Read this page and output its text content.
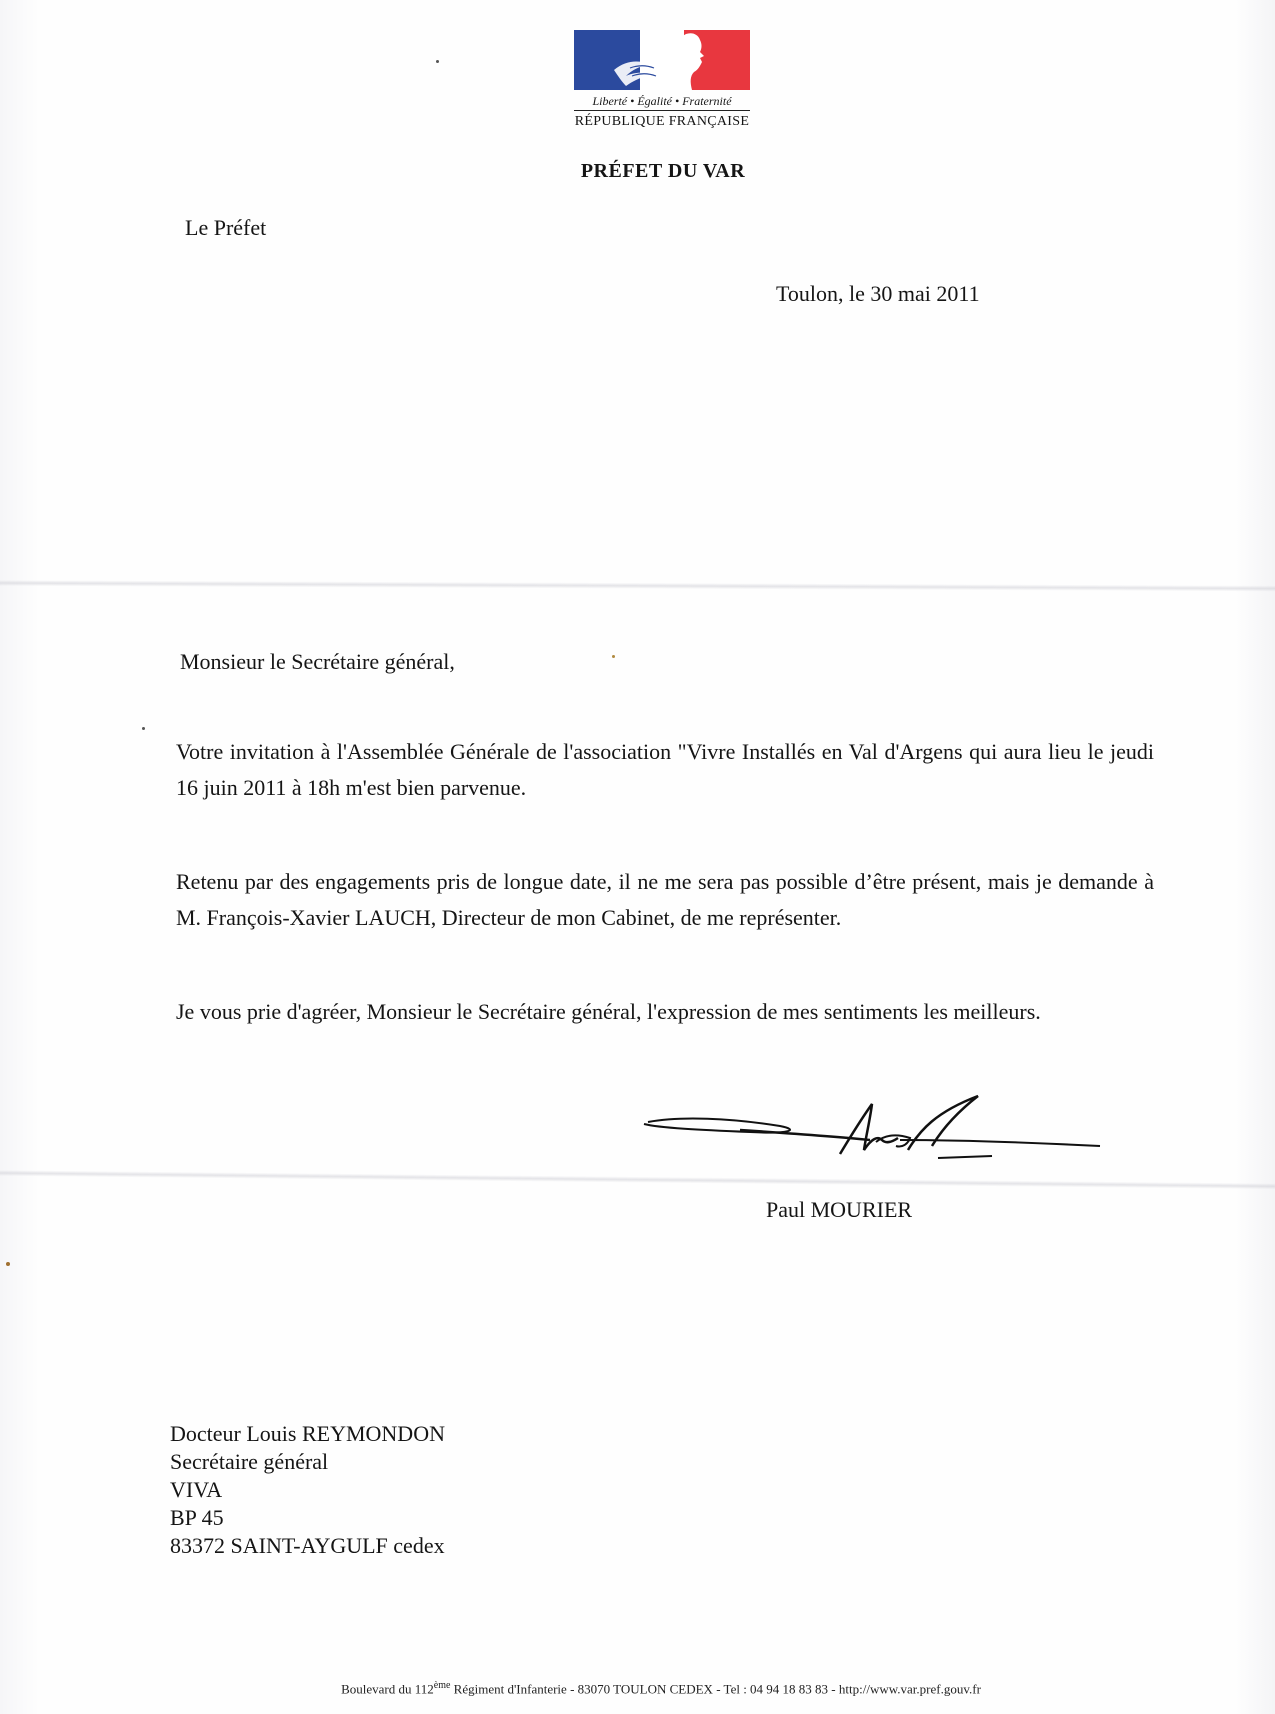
Liberté • Égalité • Fraternité
RÉPUBLIQUE FRANÇAISE
PRÉFET DU VAR
Le Préfet
Toulon, le 30 mai 2011
Monsieur le Secrétaire général,
Votre invitation à l'Assemblée Générale de l'association "Vivre Installés en Val d'Argens qui aura lieu le jeudi 16 juin 2011 à 18h m'est bien parvenue.
Retenu par des engagements pris de longue date, il ne me sera pas possible d’être présent, mais je demande à M. François-Xavier LAUCH, Directeur de mon Cabinet, de me représenter.
Je vous prie d'agréer, Monsieur le Secrétaire général, l'expression de mes sentiments les meilleurs.
Paul MOURIER
Docteur Louis REYMONDON
Secrétaire général
VIVA
BP 45
83372 SAINT-AYGULF cedex
Boulevard du 112ème Régiment d'Infanterie - 83070 TOULON CEDEX - Tel : 04 94 18 83 83 - http://www.var.pref.gouv.fr
